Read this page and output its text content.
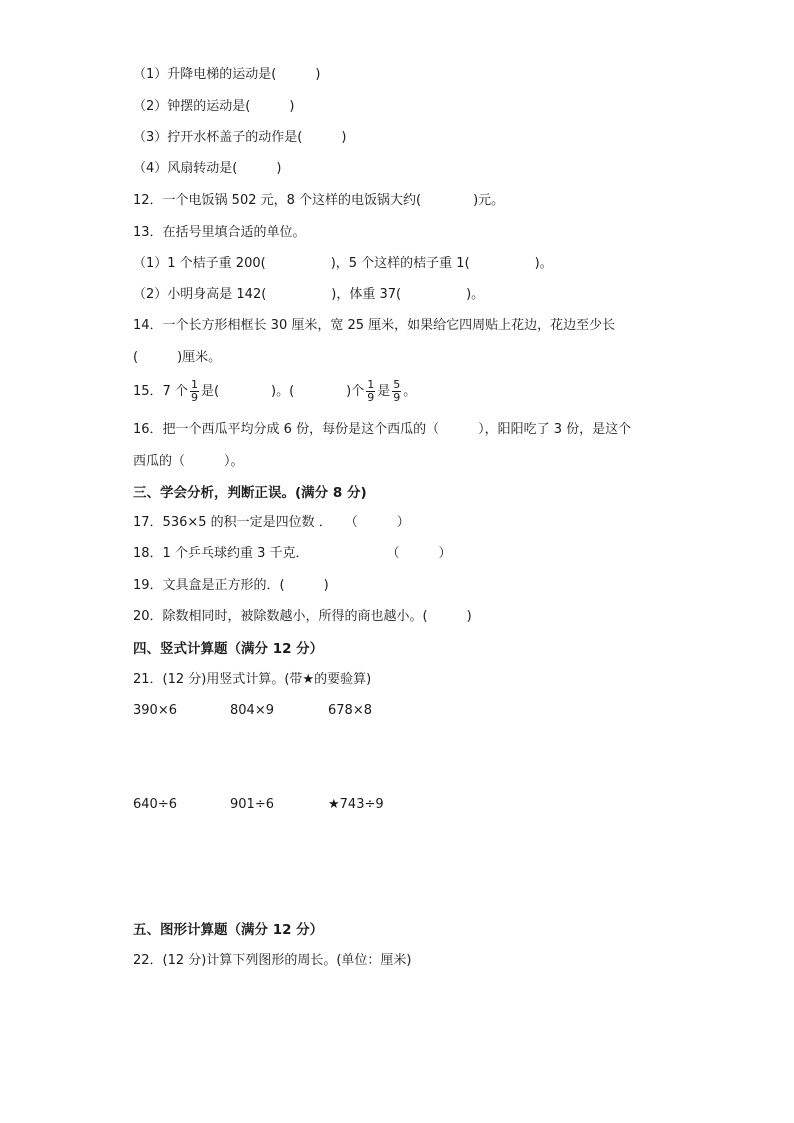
（1）升降电梯的运动是(　　　)
（2）钟摆的运动是(　　　)
（3）拧开水杯盖子的动作是(　　　)
（4）风扇转动是(　　　)
12．一个电饭锅 502 元，8 个这样的电饭锅大约(　　　　)元。
13．在括号里填合适的单位。
（1）1 个桔子重 200(　　　　　)，5 个这样的桔子重 1(　　　　　)。
（2）小明身高是 142(　　　　　)，体重 37(　　　　　)。
14．一个长方形相框长 30 厘米，宽 25 厘米，如果给它四周贴上花边，花边至少长
(　　　)厘米。
15．7 个 $\frac{1}{9}$ 是(　　　　)。(　　　　)个 $\frac{1}{9}$ 是 $\frac{5}{9}$ 。
16．把一个西瓜平均分成 6 份，每份是这个西瓜的（　　　），阳阳吃了 3 份，是这个
西瓜的（　　　）。
三、学会分析，判断正误。(满分 8 分)
17．536×5 的积一定是四位数 ．　　（　　　）
18．1 个乒乓球约重 3 千克．　　　　　　　（　　　）
19．文具盒是正方形的．(　　　)
20．除数相同时，被除数越小，所得的商也越小。(　　　)
四、竖式计算题（满分 12 分）
21．(12 分)用竖式计算。(带★的要验算)
390×6	804×9	678×8
640÷6	901÷6	★743÷9
五、图形计算题（满分 12 分）
22．(12 分)计算下列图形的周长。(单位：厘米)
